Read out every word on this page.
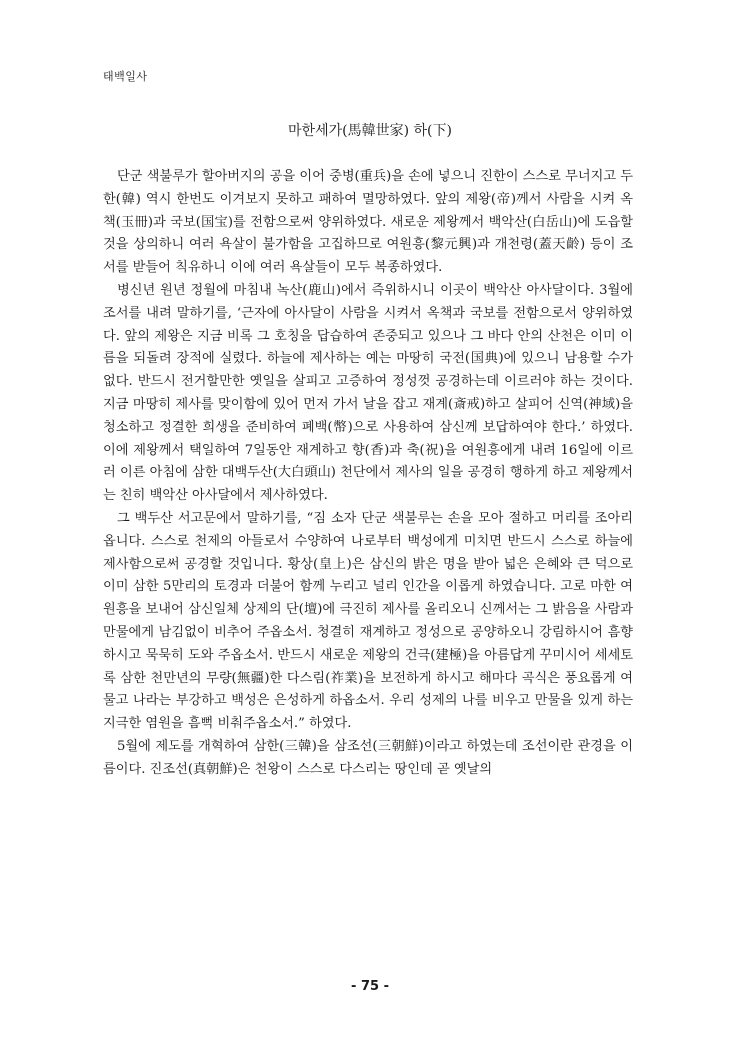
태백일사
마한세가(馬韓世家) 하(下)

단군 색불루가 할아버지의 공을 이어 중병(重兵)을 손에 넣으니 진한이 스스로 무너지고 두 한(韓) 역시 한번도 이겨보지 못하고 패하여 멸망하였다. 앞의 제왕(帝)께서 사람을 시켜 옥책(玉冊)과 국보(国宝)를 전함으로써 양위하였다. 새로운 제왕께서 백악산(白岳山)에 도읍할 것을 상의하니 여러 욕살이 불가함을 고집하므로 여원흥(黎元興)과 개천령(蓋天齡) 등이 조서를 받들어 칙유하니 이에 여러 욕살들이 모두 복종하였다.

병신년 원년 정월에 마침내 녹산(鹿山)에서 즉위하시니 이곳이 백악산 아사달이다. 3월에 조서를 내려 말하기를, ‘근자에 아사달이 사람을 시켜서 옥책과 국보를 전함으로서 양위하였다. 앞의 제왕은 지금 비록 그 호칭을 답습하여 존중되고 있으나 그 바다 안의 산천은 이미 이름을 되돌려 장적에 실렸다. 하늘에 제사하는 예는 마땅히 국전(国典)에 있으니 남용할 수가 없다. 반드시 전거할만한 옛일을 살피고 고증하여 정성껏 공경하는데 이르러야 하는 것이다. 지금 마땅히 제사를 맞이함에 있어 먼저 가서 날을 잡고 재계(斎戒)하고 살피어 신역(神域)을 청소하고 정결한 희생을 준비하여 폐백(幣)으로 사용하여 삼신께 보답하여야 한다.’ 하였다. 이에 제왕께서 택일하여 7일동안 재계하고 향(香)과 축(祝)을 여원흥에게 내려 16일에 이르러 이른 아침에 삼한 대백두산(大白頭山) 천단에서 제사의 일을 공경히 행하게 하고 제왕께서는 친히 백악산 아사달에서 제사하였다.

그 백두산 서고문에서 말하기를, “짐 소자 단군 색불루는 손을 모아 절하고 머리를 조아리옵니다. 스스로 천제의 아들로서 수양하여 나로부터 백성에게 미치면 반드시 스스로 하늘에 제사함으로써 공경할 것입니다. 황상(皇上)은 삼신의 밝은 명을 받아 넓은 은혜와 큰 덕으로 이미 삼한 5만리의 토경과 더불어 함께 누리고 널리 인간을 이롭게 하였습니다. 고로 마한 여원흥을 보내어 삼신일체 상제의 단(壇)에 극진히 제사를 올리오니 신께서는 그 밝음을 사람과 만물에게 남김없이 비추어 주옵소서. 청결히 재계하고 정성으로 공양하오니 강림하시어 흠향하시고 묵묵히 도와 주옵소서. 반드시 새로운 제왕의 건극(建極)을 아름답게 꾸미시어 세세토록 삼한 천만년의 무량(無疆)한 다스림(祚業)을 보전하게 하시고 해마다 곡식은 풍요롭게 여물고 나라는 부강하고 백성은 은성하게 하옵소서. 우리 성제의 나를 비우고 만물을 있게 하는 지극한 염원을 흠뻑 비춰주옵소서.” 하였다.

5월에 제도를 개혁하여 삼한(三韓)을 삼조선(三朝鮮)이라고 하였는데 조선이란 관경을 이름이다. 진조선(真朝鮮)은 천왕이 스스로 다스리는 땅인데 곧 옛날의

- 75 -
